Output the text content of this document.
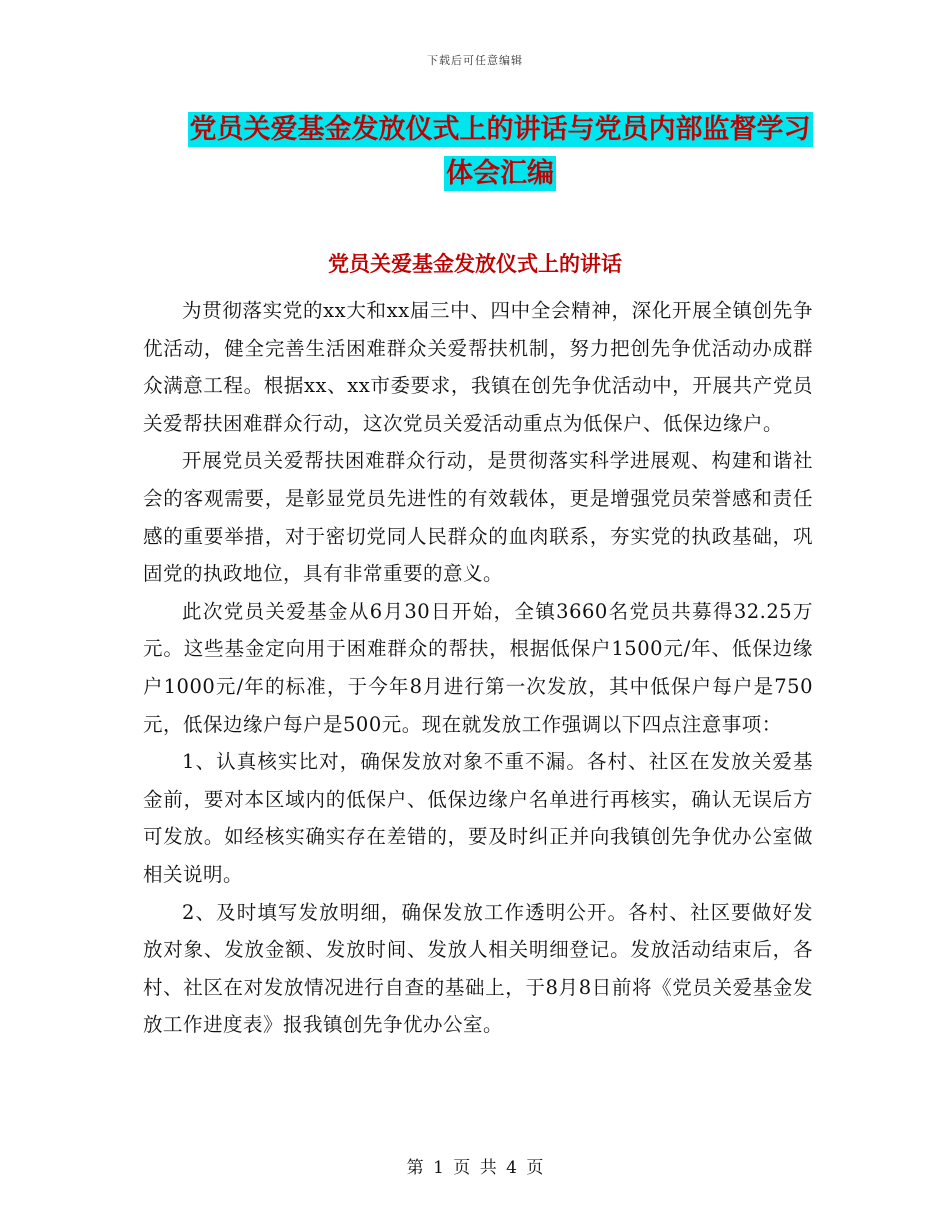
下载后可任意编辑
党员关爱基金发放仪式上的讲话与党员内部监督学习
体会汇编
党员关爱基金发放仪式上的讲话

为贯彻落实党的xx大和xx届三中、四中全会精神，深化开展全镇创先争优活动，健全完善生活困难群众关爱帮扶机制，努力把创先争优活动办成群众满意工程。根据xx、xx市委要求，我镇在创先争优活动中，开展共产党员关爱帮扶困难群众行动，这次党员关爱活动重点为低保户、低保边缘户。

开展党员关爱帮扶困难群众行动，是贯彻落实科学进展观、构建和谐社会的客观需要，是彰显党员先进性的有效载体，更是增强党员荣誉感和责任感的重要举措，对于密切党同人民群众的血肉联系，夯实党的执政基础，巩固党的执政地位，具有非常重要的意义。

此次党员关爱基金从6月30日开始，全镇3660名党员共募得32.25万元。这些基金定向用于困难群众的帮扶，根据低保户1500元/年、低保边缘户1000元/年的标准，于今年8月进行第一次发放，其中低保户每户是750元，低保边缘户每户是500元。现在就发放工作强调以下四点注意事项：

1、认真核实比对，确保发放对象不重不漏。各村、社区在发放关爱基金前，要对本区域内的低保户、低保边缘户名单进行再核实，确认无误后方可发放。如经核实确实存在差错的，要及时纠正并向我镇创先争优办公室做相关说明。

2、及时填写发放明细，确保发放工作透明公开。各村、社区要做好发放对象、发放金额、发放时间、发放人相关明细登记。发放活动结束后，各村、社区在对发放情况进行自查的基础上，于8月8日前将《党员关爱基金发放工作进度表》报我镇创先争优办公室。

第 1 页 共 4 页
